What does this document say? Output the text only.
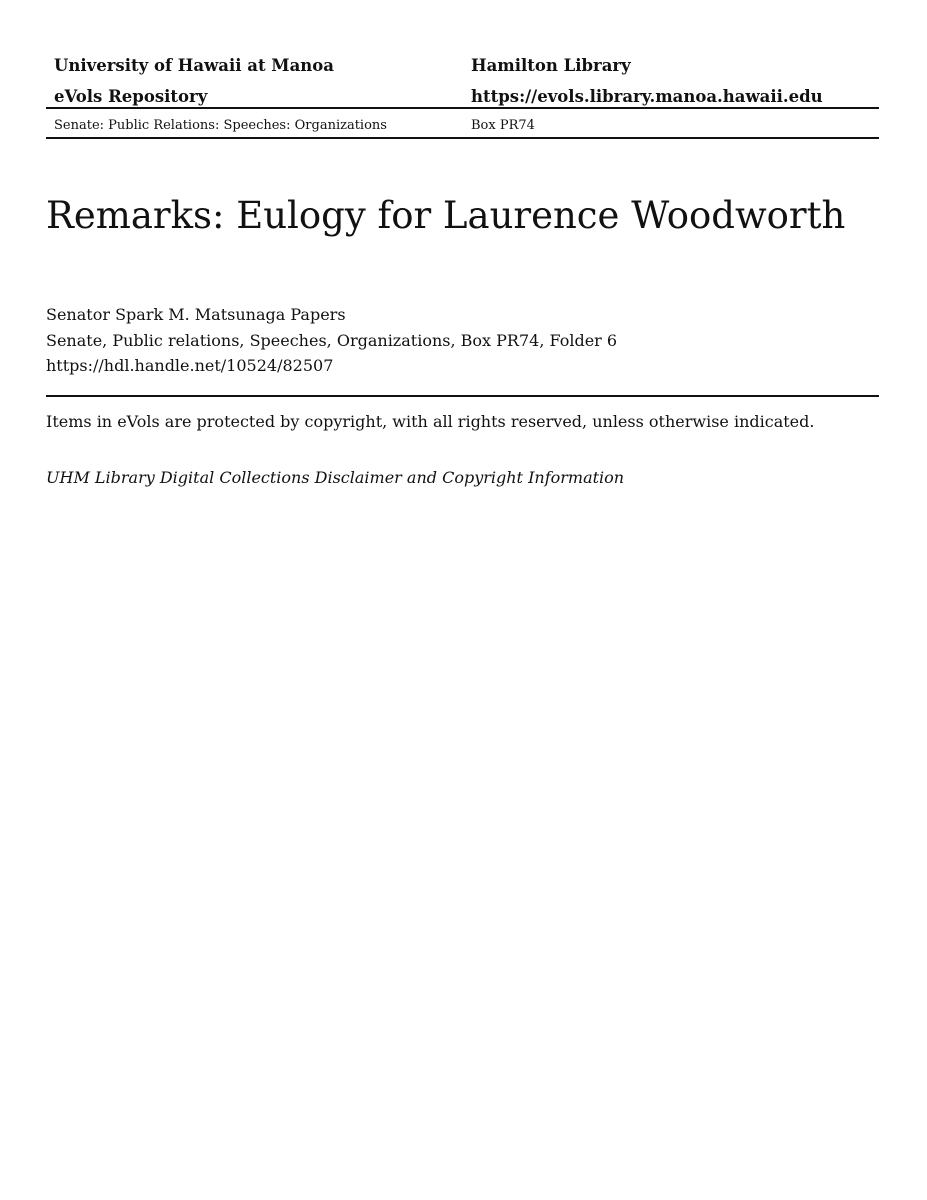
University of Hawaii at Manoa	Hamilton Library
eVols Repository	https://evols.library.manoa.hawaii.edu
Senate: Public Relations: Speeches: Organizations	Box PR74
Remarks: Eulogy for Laurence Woodworth
Senator Spark M. Matsunaga Papers
Senate, Public relations, Speeches, Organizations, Box PR74, Folder 6
https://hdl.handle.net/10524/82507
Items in eVols are protected by copyright, with all rights reserved, unless otherwise indicated.
UHM Library Digital Collections Disclaimer and Copyright Information
